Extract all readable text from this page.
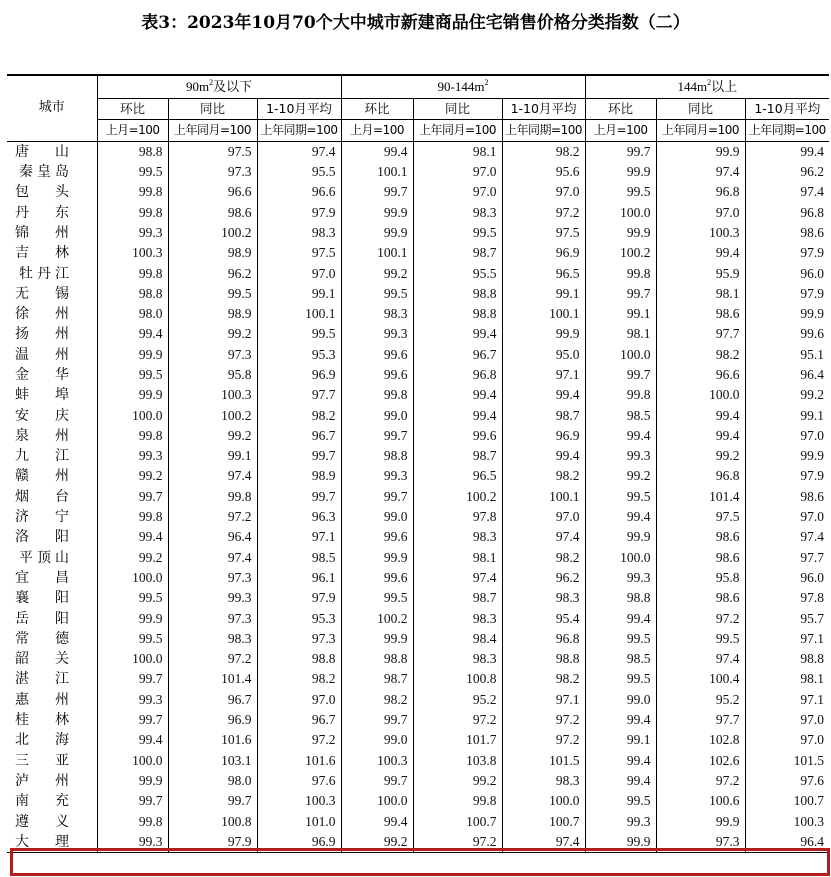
表3：2023年10月70个大中城市新建商品住宅销售价格分类指数（二）
城市	$90m^2$及以下			$90-144m^2$			$144m^2$以上		
	环比	同比	1-10月平均	环比	同比	1-10月平均	环比	同比	1-10月平均
	上月=100	上年同月=100	上年同期=100	上月=100	上年同月=100	上年同期=100	上月=100	上年同月=100	上年同期=100
唐 山	98.8	97.5	97.4	99.4	98.1	98.2	99.7	99.9	99.4
秦皇岛	99.5	97.3	95.5	100.1	97.0	95.6	99.9	97.4	96.2
包 头	99.8	96.6	96.6	99.7	97.0	97.0	99.5	96.8	97.4
丹 东	99.8	98.6	97.9	99.9	98.3	97.2	100.0	97.0	96.8
锦 州	99.3	100.2	98.3	99.9	99.5	97.5	99.9	100.3	98.6
吉 林	100.3	98.9	97.5	100.1	98.7	96.9	100.2	99.4	97.9
牡丹江	99.8	96.2	97.0	99.2	95.5	96.5	99.8	95.9	96.0
无 锡	98.8	99.5	99.1	99.5	98.8	99.1	99.7	98.1	97.9
徐 州	98.0	98.9	100.1	98.3	98.8	100.1	99.1	98.6	99.9
扬 州	99.4	99.2	99.5	99.3	99.4	99.9	98.1	97.7	99.6
温 州	99.9	97.3	95.3	99.6	96.7	95.0	100.0	98.2	95.1
金 华	99.5	95.8	96.9	99.6	96.8	97.1	99.7	96.6	96.4
蚌 埠	99.9	100.3	97.7	99.8	99.4	99.4	99.8	100.0	99.2
安 庆	100.0	100.2	98.2	99.0	99.4	98.7	98.5	99.4	99.1
泉 州	99.8	99.2	96.7	99.7	99.6	96.9	99.4	99.4	97.0
九 江	99.3	99.1	99.7	98.8	98.7	99.4	99.3	99.2	99.9
赣 州	99.2	97.4	98.9	99.3	96.5	98.2	99.2	96.8	97.9
烟 台	99.7	99.8	99.7	99.7	100.2	100.1	99.5	101.4	98.6
济 宁	99.8	97.2	96.3	99.0	97.8	97.0	99.4	97.5	97.0
洛 阳	99.4	96.4	97.1	99.6	98.3	97.4	99.9	98.6	97.4
平顶山	99.2	97.4	98.5	99.9	98.1	98.2	100.0	98.6	97.7
宜 昌	100.0	97.3	96.1	99.6	97.4	96.2	99.3	95.8	96.0
襄 阳	99.5	99.3	97.9	99.5	98.7	98.3	98.8	98.6	97.8
岳 阳	99.9	97.3	95.3	100.2	98.3	95.4	99.4	97.2	95.7
常 德	99.5	98.3	97.3	99.9	98.4	96.8	99.5	99.5	97.1
韶 关	100.0	97.2	98.8	98.8	98.3	98.8	98.5	97.4	98.8
湛 江	99.7	101.4	98.2	98.7	100.8	98.2	99.5	100.4	98.1
惠 州	99.3	96.7	97.0	98.2	95.2	97.1	99.0	95.2	97.1
桂 林	99.7	96.9	96.7	99.7	97.2	97.2	99.4	97.7	97.0
北 海	99.4	101.6	97.2	99.0	101.7	97.2	99.1	102.8	97.0
三 亚	100.0	103.1	101.6	100.3	103.8	101.5	99.4	102.6	101.5
泸 州	99.9	98.0	97.6	99.7	99.2	98.3	99.4	97.2	97.6
南 充	99.7	99.7	100.3	100.0	99.8	100.0	99.5	100.6	100.7
遵 义	99.8	100.8	101.0	99.4	100.7	100.7	99.3	99.9	100.3
大 理	99.3	97.9	96.9	99.2	97.2	97.4	99.9	97.3	96.4
